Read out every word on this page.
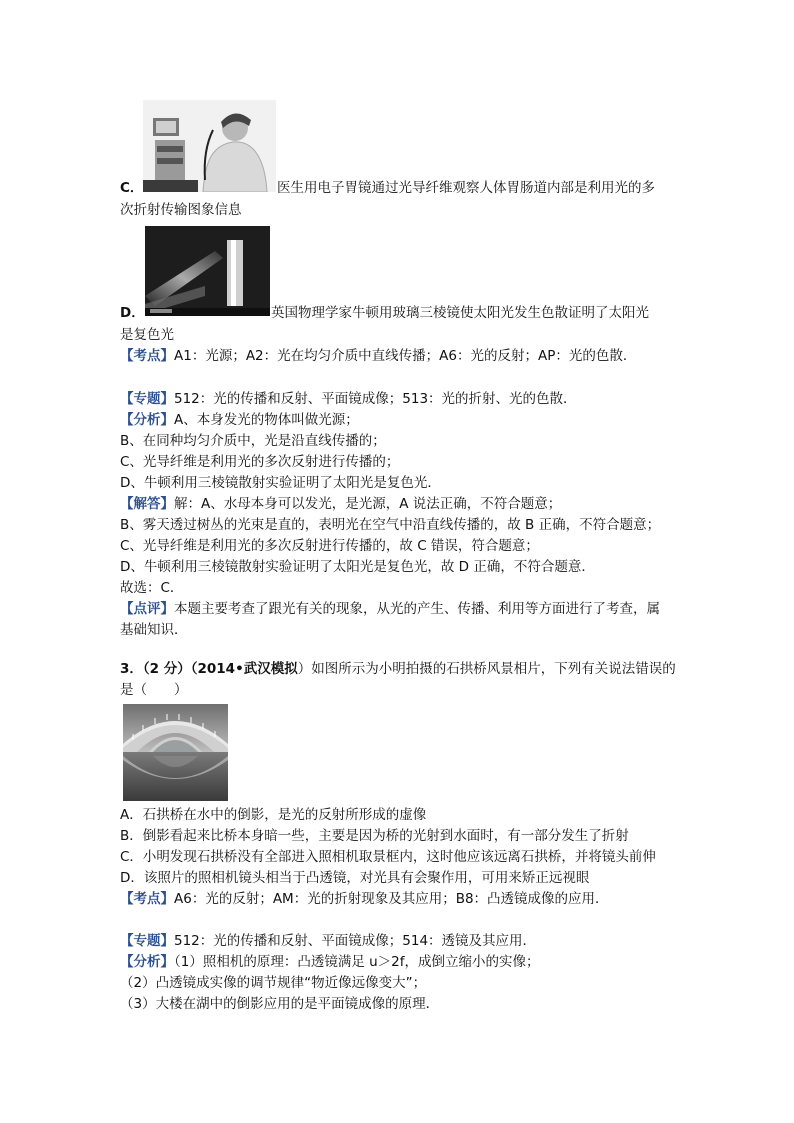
C．	医生用电子胃镜通过光导纤维观察人体胃肠道内部是利用光的多
次折射传输图象信息
D．	英国物理学家牛顿用玻璃三棱镜使太阳光发生色散证明了太阳光
是复色光
【考点】A1：光源；A2：光在均匀介质中直线传播；A6：光的反射；AP：光的色散．
【专题】512：光的传播和反射、平面镜成像；513：光的折射、光的色散．
【分析】A、本身发光的物体叫做光源；
B、在同种均匀介质中，光是沿直线传播的；
C、光导纤维是利用光的多次反射进行传播的；
D、牛顿利用三棱镜散射实验证明了太阳光是复色光．
【解答】解：A、水母本身可以发光，是光源，A 说法正确，不符合题意；
B、雾天透过树丛的光束是直的，表明光在空气中沿直线传播的，故 B 正确，不符合题意；
C、光导纤维是利用光的多次反射进行传播的，故 C 错误，符合题意；
D、牛顿利用三棱镜散射实验证明了太阳光是复色光，故 D 正确，不符合题意．
故选：C．
【点评】本题主要考查了跟光有关的现象，从光的产生、传播、利用等方面进行了考查，属
基础知识．
3．（2 分）（2014•武汉模拟）如图所示为小明拍摄的石拱桥风景相片，下列有关说法错误的
是（　　）
A．石拱桥在水中的倒影，是光的反射所形成的虚像
B．倒影看起来比桥本身暗一些，主要是因为桥的光射到水面时，有一部分发生了折射
C．小明发现石拱桥没有全部进入照相机取景框内，这时他应该远离石拱桥，并将镜头前伸
D．该照片的照相机镜头相当于凸透镜，对光具有会聚作用，可用来矫正远视眼
【考点】A6：光的反射；AM：光的折射现象及其应用；B8：凸透镜成像的应用．
【专题】512：光的传播和反射、平面镜成像；514：透镜及其应用．
【分析】（1）照相机的原理：凸透镜满足 u＞2f，成倒立缩小的实像；
（2）凸透镜成实像的调节规律“物近像远像变大”；
（3）大楼在湖中的倒影应用的是平面镜成像的原理．
